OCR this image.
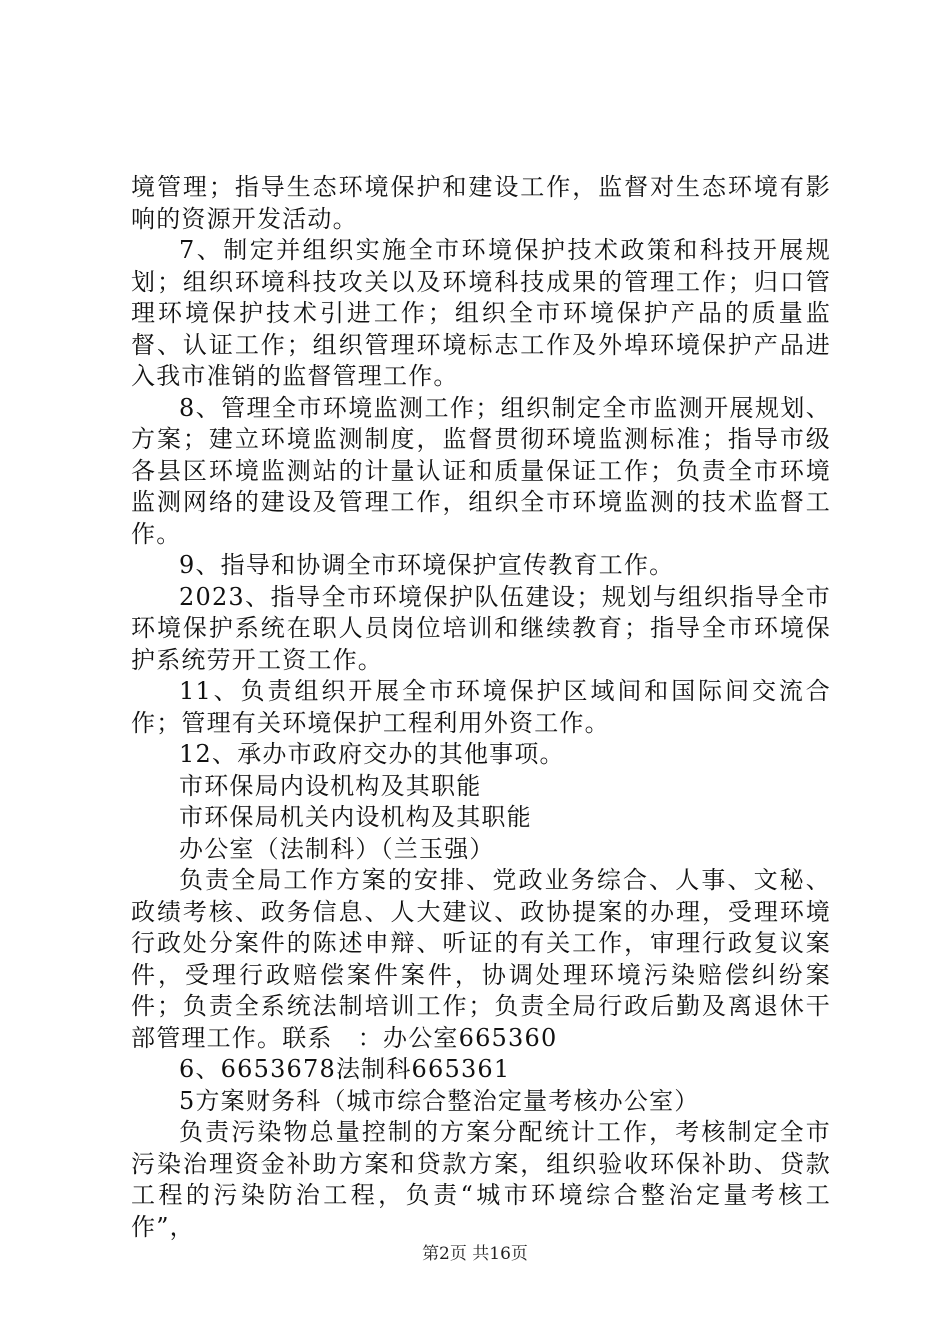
境管理；指导生态环境保护和建设工作，监督对生态环境有影响的资源开发活动。

7、制定并组织实施全市环境保护技术政策和科技开展规划；组织环境科技攻关以及环境科技成果的管理工作；归口管理环境保护技术引进工作；组织全市环境保护产品的质量监督、认证工作；组织管理环境标志工作及外埠环境保护产品进入我市准销的监督管理工作。

8、管理全市环境监测工作；组织制定全市监测开展规划、方案；建立环境监测制度，监督贯彻环境监测标准；指导市级各县区环境监测站的计量认证和质量保证工作；负责全市环境监测网络的建设及管理工作，组织全市环境监测的技术监督工作。

9、指导和协调全市环境保护宣传教育工作。

2023、指导全市环境保护队伍建设；规划与组织指导全市环境保护系统在职人员岗位培训和继续教育；指导全市环境保护系统劳开工资工作。

11、负责组织开展全市环境保护区域间和国际间交流合作；管理有关环境保护工程利用外资工作。

12、承办市政府交办的其他事项。

市环保局内设机构及其职能

市环保局机关内设机构及其职能

办公室（法制科）（兰玉强）

负责全局工作方案的安排、党政业务综合、人事、文秘、政绩考核、政务信息、人大建议、政协提案的办理，受理环境行政处分案件的陈述申辩、听证的有关工作，审理行政复议案件，受理行政赔偿案件案件，协调处理环境污染赔偿纠纷案件；负责全系统法制培训工作；负责全局行政后勤及离退休干部管理工作。联系　：办公室665360

6、6653678法制科665361

5方案财务科（城市综合整治定量考核办公室）

负责污染物总量控制的方案分配统计工作，考核制定全市污染治理资金补助方案和贷款方案，组织验收环保补助、贷款工程的污染防治工程，负责“城市环境综合整治定量考核工作”，

第2页 共16页
